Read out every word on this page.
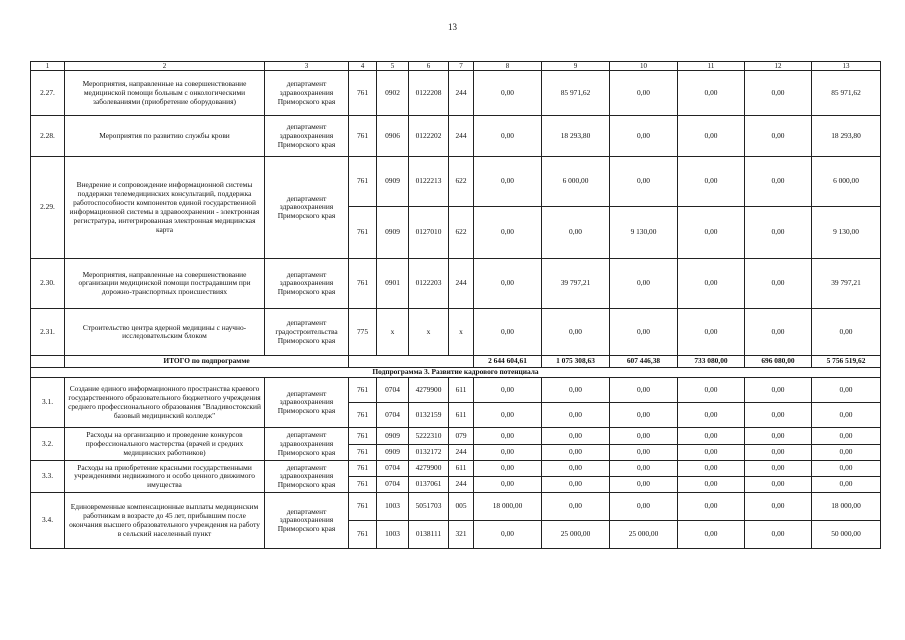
13
1	2	3	4	5	6	7	8	9	10	11	12	13
2.27.	Мероприятия, направленные на совершенствование медицинской помощи больным с онкологическими заболеваниями (приобретение оборудования)	департамент здравоохранения Приморского края	761	0902	0122208	244	0,00	85 971,62	0,00	0,00	0,00	85 971,62
2.28.	Мероприятия по развитию службы крови	департамент здравоохранения Приморского края	761	0906	0122202	244	0,00	18 293,80	0,00	0,00	0,00	18 293,80
2.29.	Внедрение и сопровождение информационной системы поддержки телемедицинских консультаций, поддержка работоспособности компонентов единой государственной информационной системы в здравоохранении - электронная регистратура, интегрированная электронная медицинская карта	департамент здравоохранения Приморского края	761	0909	0122213	622	0,00	6 000,00	0,00	0,00	0,00	6 000,00
			761	0909	0127010	622	0,00	0,00	9 130,00	0,00	0,00	9 130,00
2.30.	Мероприятия, направленные на совершенствование организации медицинской помощи пострадавшим при дорожно-транспортных происшествиях	департамент здравоохранения Приморского края	761	0901	0122203	244	0,00	39 797,21	0,00	0,00	0,00	39 797,21
2.31.	Строительство центра ядерной медицины с научно-исследовательским блоком	департамент градостроительства Приморского края	775	x	x	x	0,00	0,00	0,00	0,00	0,00	0,00
	ИТОГО по подпрограмме						2 644 604,61	1 075 308,63	607 446,38	733 080,00	696 080,00	5 756 519,62
Подпрограмма 3. Развитие кадрового потенциала												
3.1.	Создание единого информационного пространства краевого государственного образовательного бюджетного учреждения среднего профессионального образования "Владивостокский базовый медицинский колледж"	департамент здравоохранения Приморского края	761	0704	4279900	611	0,00	0,00	0,00	0,00	0,00	0,00
			761	0704	0132159	611	0,00	0,00	0,00	0,00	0,00	0,00
3.2.	Расходы на организацию и проведение конкурсов профессионального мастерства (врачей и средних медицинских работников)	департамент здравоохранения Приморского края	761	0909	5222310	079	0,00	0,00	0,00	0,00	0,00	0,00
			761	0909	0132172	244	0,00	0,00	0,00	0,00	0,00	0,00
3.3.	Расходы на приобретение красными государственными учреждениями недвижимого и особо ценного движимого имущества	департамент здравоохранения Приморского края	761	0704	4279900	611	0,00	0,00	0,00	0,00	0,00	0,00
			761	0704	0137061	244	0,00	0,00	0,00	0,00	0,00	0,00
3.4.	Единовременные компенсационные выплаты медицинским работникам в возрасте до 45 лет, прибывшим после окончания высшего образовательного учреждения на работу в сельский населенный пункт	департамент здравоохранения Приморского края	761	1003	5051703	005	18 000,00	0,00	0,00	0,00	0,00	18 000,00
			761	1003	0138111	321	0,00	25 000,00	25 000,00	0,00	0,00	50 000,00
